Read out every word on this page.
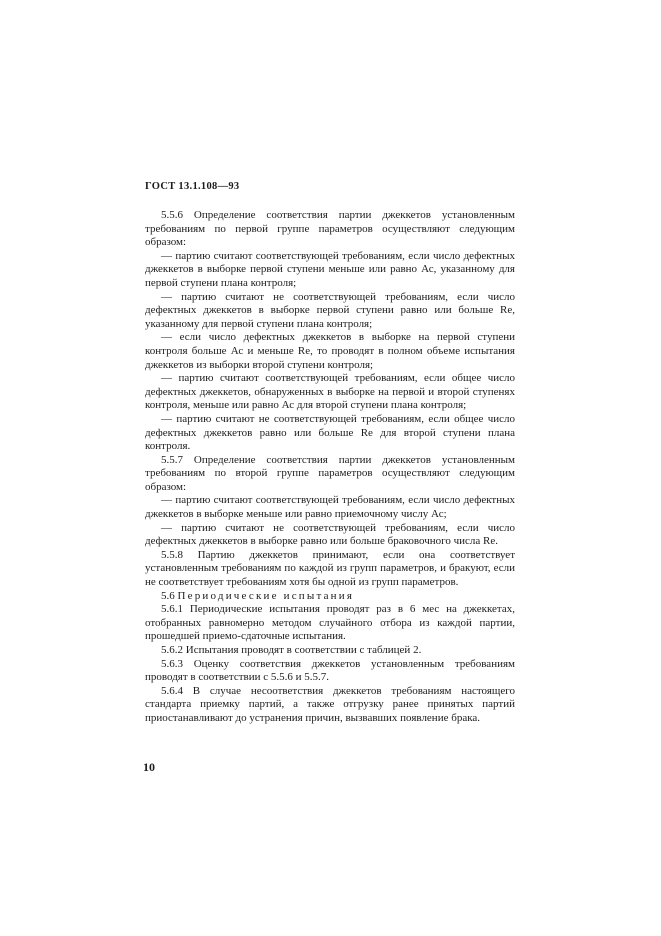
ГОСТ 13.1.108—93

5.5.6 Определение соответствия партии джеккетов установленным требованиям по первой группе параметров осуществляют следующим образом:

— партию считают соответствующей требованиям, если число дефектных джеккетов в выборке первой ступени меньше или равно Ас, указанному для первой ступени плана контроля;

— партию считают не соответствующей требованиям, если число дефектных джеккетов в выборке первой ступени равно или больше Re, указанному для первой ступени плана контроля;

— если число дефектных джеккетов в выборке на первой ступени контроля больше Ас и меньше Re, то проводят в полном объеме испытания джеккетов из выборки второй ступени контроля;

— партию считают соответствующей требованиям, если общее число дефектных джеккетов, обнаруженных в выборке на первой и второй ступенях контроля, меньше или равно Ас для второй ступени плана контроля;

— партию считают не соответствующей требованиям, если общее число дефектных джеккетов равно или больше Re для второй ступени плана контроля.

5.5.7 Определение соответствия партии джеккетов установленным требованиям по второй группе параметров осуществляют следующим образом:

— партию считают соответствующей требованиям, если число дефектных джеккетов в выборке меньше или равно приемочному числу Ас;

— партию считают не соответствующей требованиям, если число дефектных джеккетов в выборке равно или больше браковочного числа Re.

5.5.8 Партию джеккетов принимают, если она соответствует установленным требованиям по каждой из групп параметров, и бракуют, если не соответствует требованиям хотя бы одной из групп параметров.

5.6 Периодические испытания

5.6.1 Периодические испытания проводят раз в 6 мес на джеккетах, отобранных равномерно методом случайного отбора из каждой партии, прошедшей приемо-сдаточные испытания.

5.6.2 Испытания проводят в соответствии с таблицей 2.

5.6.3 Оценку соответствия джеккетов установленным требованиям проводят в соответствии с 5.5.6 и 5.5.7.

5.6.4 В случае несоответствия джеккетов требованиям настоящего стандарта приемку партий, а также отгрузку ранее принятых партий приостанавливают до устранения причин, вызвавших появление брака.

10
